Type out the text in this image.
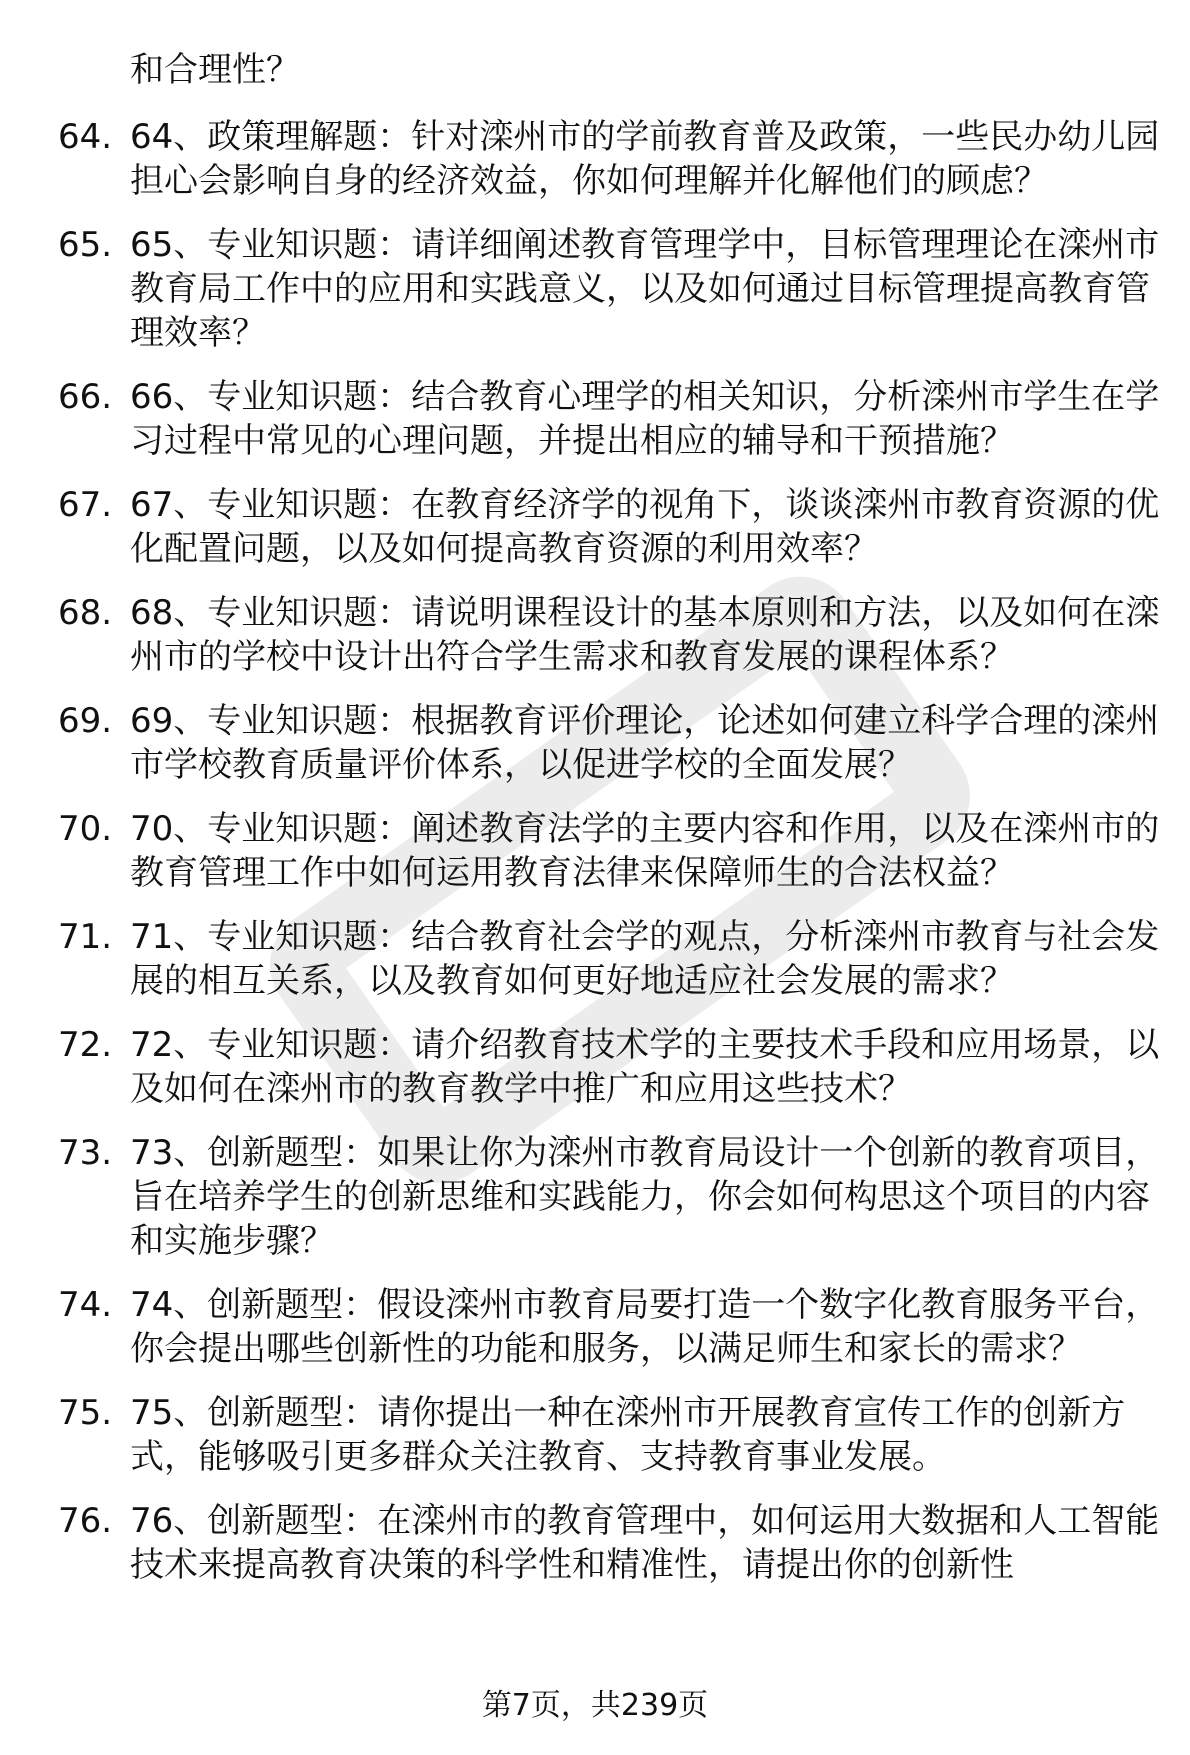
和合理性？
64. 64、政策理解题：针对滦州市的学前教育普及政策，一些民办幼儿园担心会影响自身的经济效益，你如何理解并化解他们的顾虑？
65. 65、专业知识题：请详细阐述教育管理学中，目标管理理论在滦州市教育局工作中的应用和实践意义，以及如何通过目标管理提高教育管理效率？
66. 66、专业知识题：结合教育心理学的相关知识，分析滦州市学生在学习过程中常见的心理问题，并提出相应的辅导和干预措施？
67. 67、专业知识题：在教育经济学的视角下，谈谈滦州市教育资源的优化配置问题，以及如何提高教育资源的利用效率？
68. 68、专业知识题：请说明课程设计的基本原则和方法，以及如何在滦州市的学校中设计出符合学生需求和教育发展的课程体系？
69. 69、专业知识题：根据教育评价理论，论述如何建立科学合理的滦州市学校教育质量评价体系，以促进学校的全面发展？
70. 70、专业知识题：阐述教育法学的主要内容和作用，以及在滦州市的教育管理工作中如何运用教育法律来保障师生的合法权益？
71. 71、专业知识题：结合教育社会学的观点，分析滦州市教育与社会发展的相互关系，以及教育如何更好地适应社会发展的需求？
72. 72、专业知识题：请介绍教育技术学的主要技术手段和应用场景，以及如何在滦州市的教育教学中推广和应用这些技术？
73. 73、创新题型：如果让你为滦州市教育局设计一个创新的教育项目，旨在培养学生的创新思维和实践能力，你会如何构思这个项目的内容和实施步骤？
74. 74、创新题型：假设滦州市教育局要打造一个数字化教育服务平台，你会提出哪些创新性的功能和服务，以满足师生和家长的需求？
75. 75、创新题型：请你提出一种在滦州市开展教育宣传工作的创新方式，能够吸引更多群众关注教育、支持教育事业发展。
76. 76、创新题型：在滦州市的教育管理中，如何运用大数据和人工智能技术来提高教育决策的科学性和精准性，请提出你的创新性
第7页，共239页
